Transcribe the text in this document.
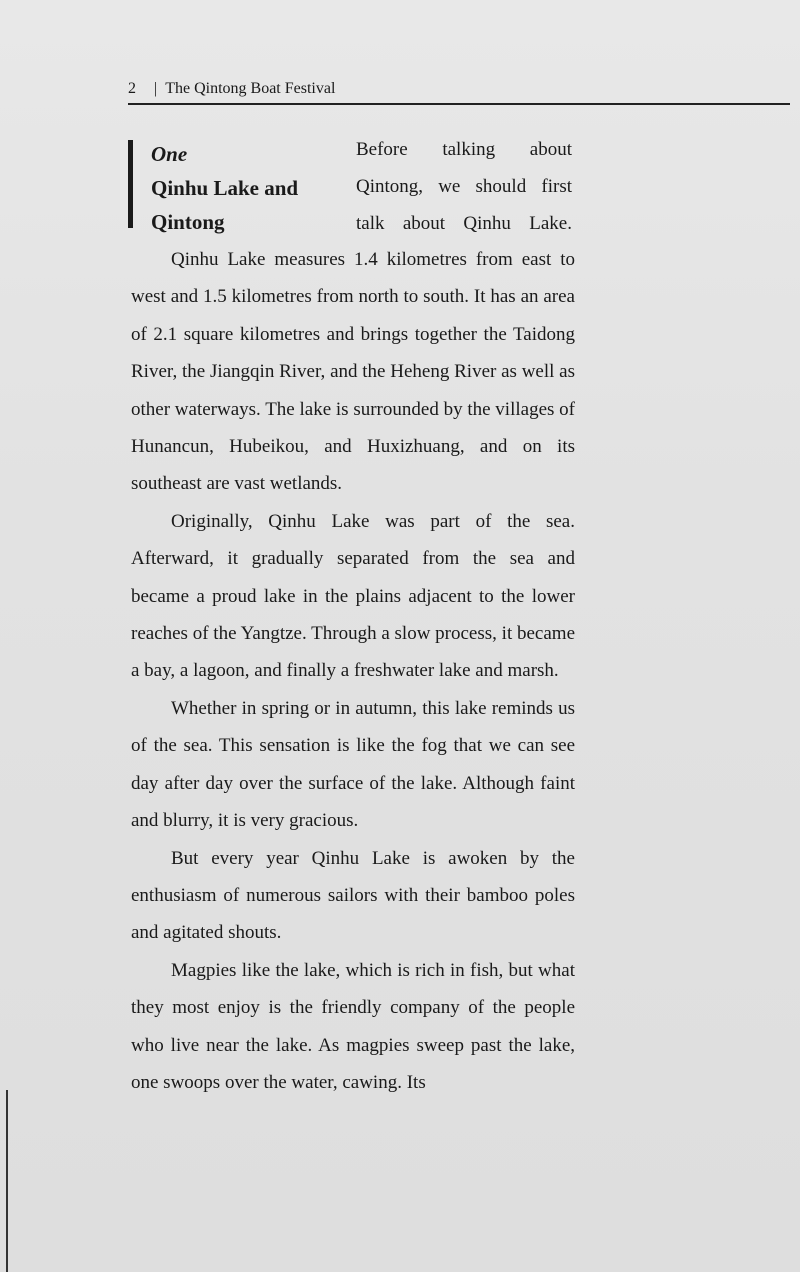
2 | The Qintong Boat Festival
One
Qinhu Lake and Qintong
Before talking about Qintong, we should first talk about Qinhu Lake.

Qinhu Lake measures 1.4 kilometres from east to west and 1.5 kilometres from north to south. It has an area of 2.1 square kilometres and brings together the Taidong River, the Jiangqin River, and the Heheng River as well as other waterways. The lake is surrounded by the villages of Hunancun, Hubeikou, and Huxizhuang, and on its southeast are vast wetlands.

Originally, Qinhu Lake was part of the sea. Afterward, it gradually separated from the sea and became a proud lake in the plains adjacent to the lower reaches of the Yangtze. Through a slow process, it became a bay, a lagoon, and finally a freshwater lake and marsh.

Whether in spring or in autumn, this lake reminds us of the sea. This sensation is like the fog that we can see day after day over the surface of the lake. Although faint and blurry, it is very gracious.

But every year Qinhu Lake is awoken by the enthusiasm of numerous sailors with their bamboo poles and agitated shouts.

Magpies like the lake, which is rich in fish, but what they most enjoy is the friendly company of the people who live near the lake. As magpies sweep past the lake, one swoops over the water, cawing. Its
